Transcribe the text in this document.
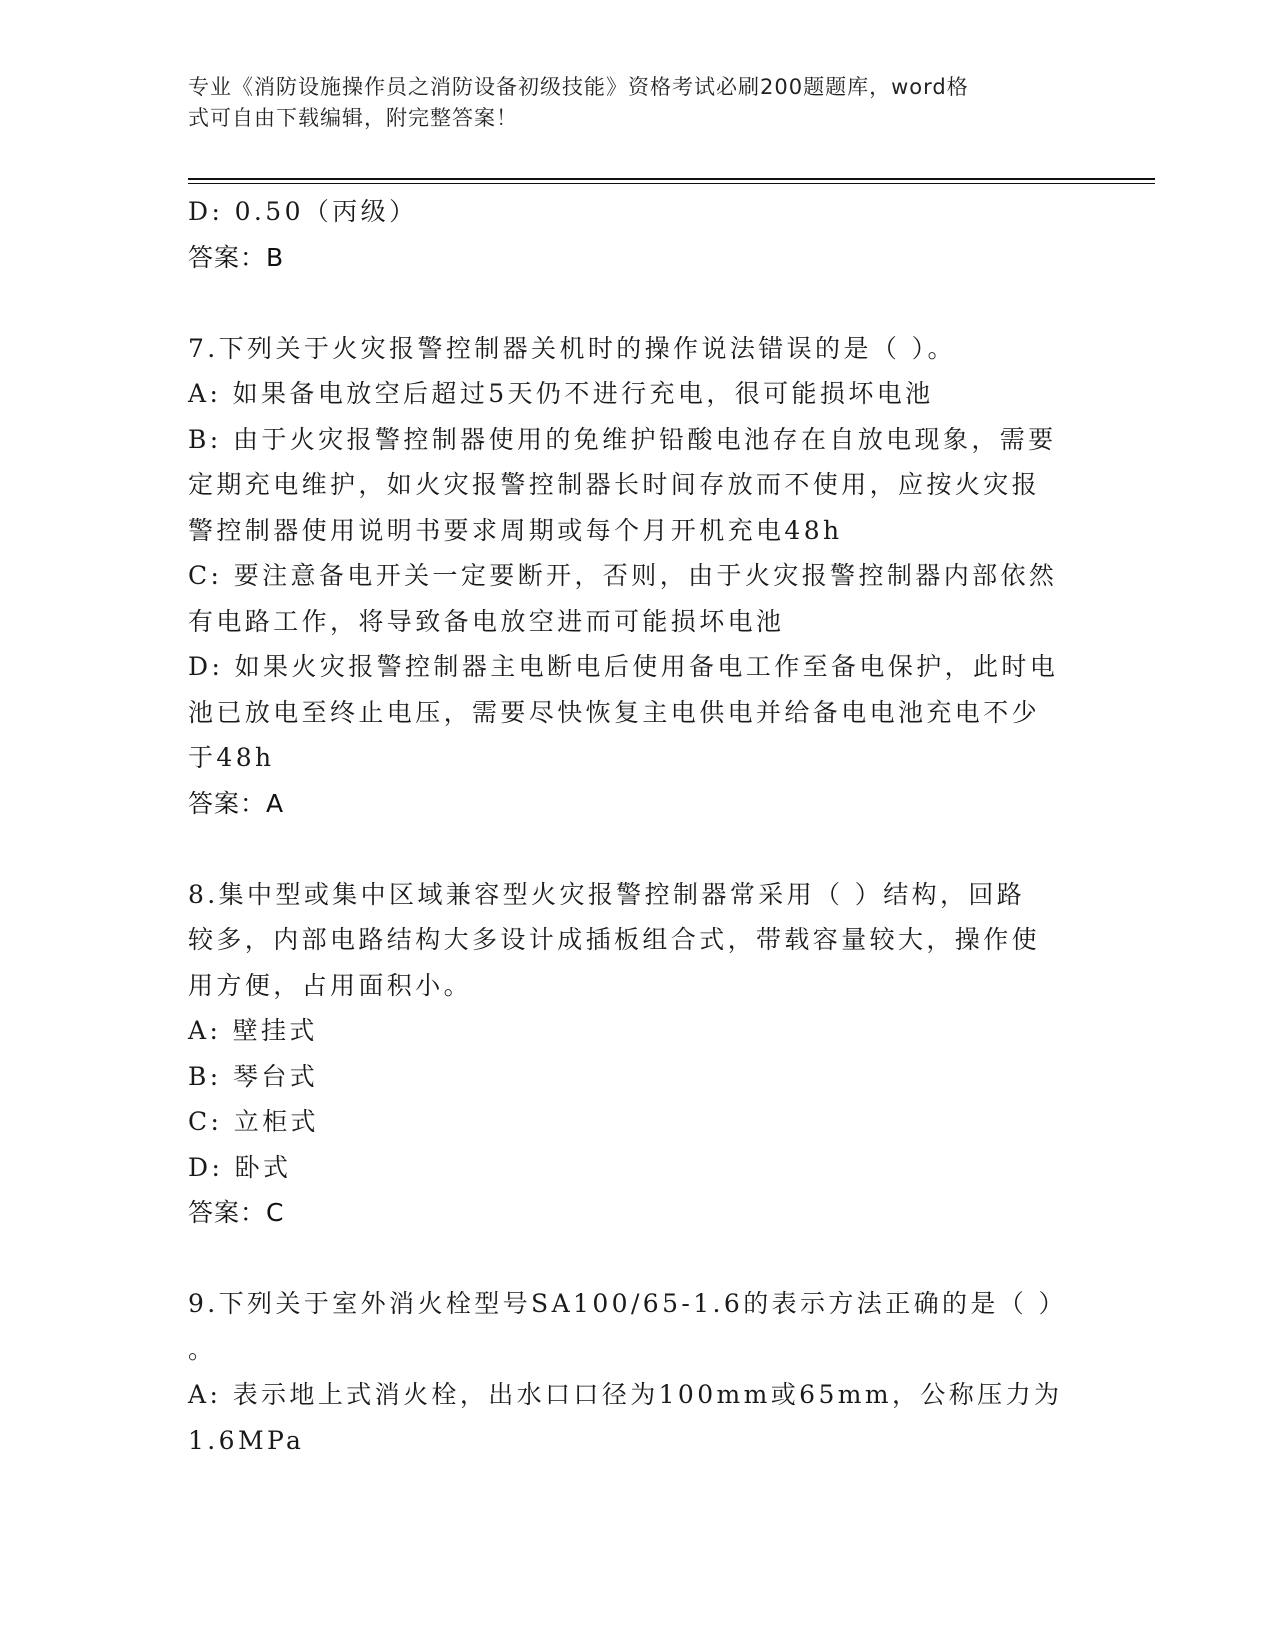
专业《消防设施操作员之消防设备初级技能》资格考试必刷200题题库，word格
式可自由下载编辑，附完整答案！
D: 0.50（丙级）
答案：B
7.下列关于火灾报警控制器关机时的操作说法错误的是（ ）。
A: 如果备电放空后超过5天仍不进行充电，很可能损坏电池
B: 由于火灾报警控制器使用的免维护铅酸电池存在自放电现象，需要
定期充电维护，如火灾报警控制器长时间存放而不使用，应按火灾报
警控制器使用说明书要求周期或每个月开机充电48h
C: 要注意备电开关一定要断开，否则，由于火灾报警控制器内部依然
有电路工作，将导致备电放空进而可能损坏电池
D: 如果火灾报警控制器主电断电后使用备电工作至备电保护，此时电
池已放电至终止电压，需要尽快恢复主电供电并给备电电池充电不少
于48h
答案：A
8.集中型或集中区域兼容型火灾报警控制器常采用（ ）结构，回路
较多，内部电路结构大多设计成插板组合式，带载容量较大，操作使
用方便，占用面积小。
A: 壁挂式
B: 琴台式
C: 立柜式
D: 卧式
答案：C
9.下列关于室外消火栓型号SA100/65-1.6的表示方法正确的是（ ）
。
A: 表示地上式消火栓，出水口口径为100mm或65mm，公称压力为
1.6MPa
